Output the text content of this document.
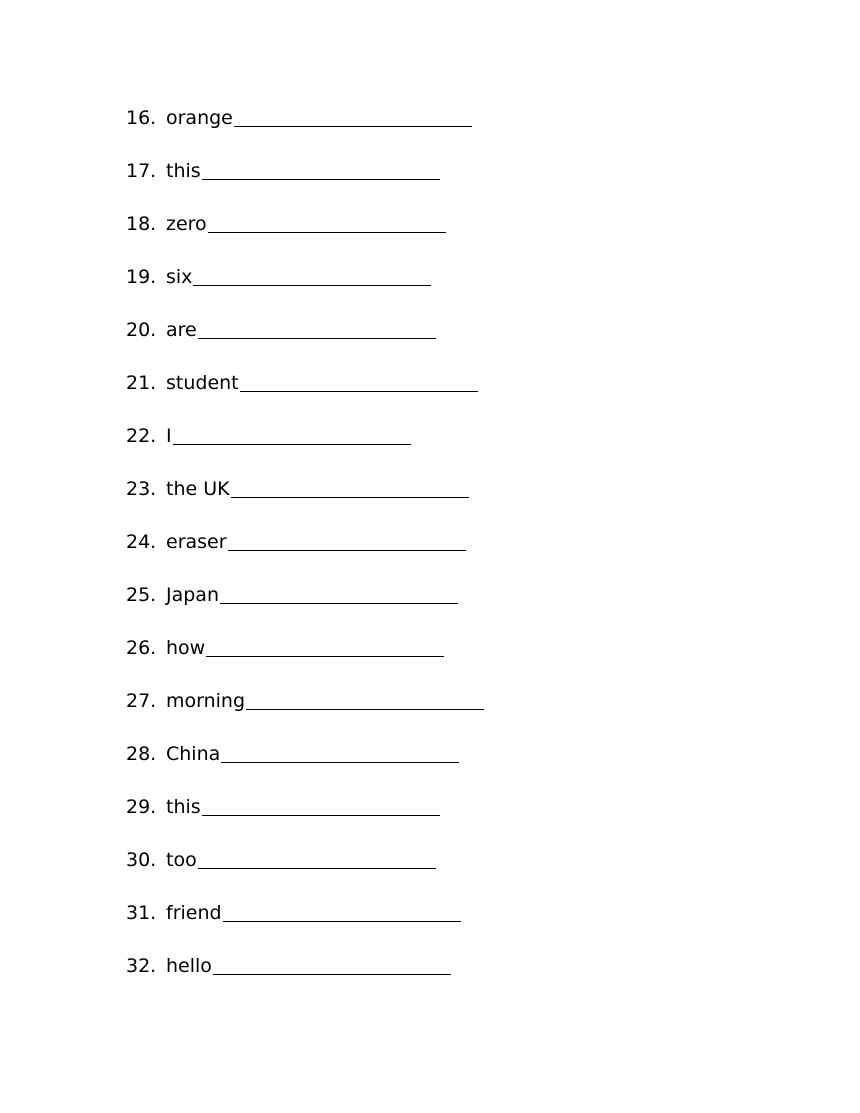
16. orange
17. this
18. zero
19. six
20. are
21. student
22. I
23. the UK
24. eraser
25. Japan
26. how
27. morning
28. China
29. this
30. too
31. friend
32. hello
